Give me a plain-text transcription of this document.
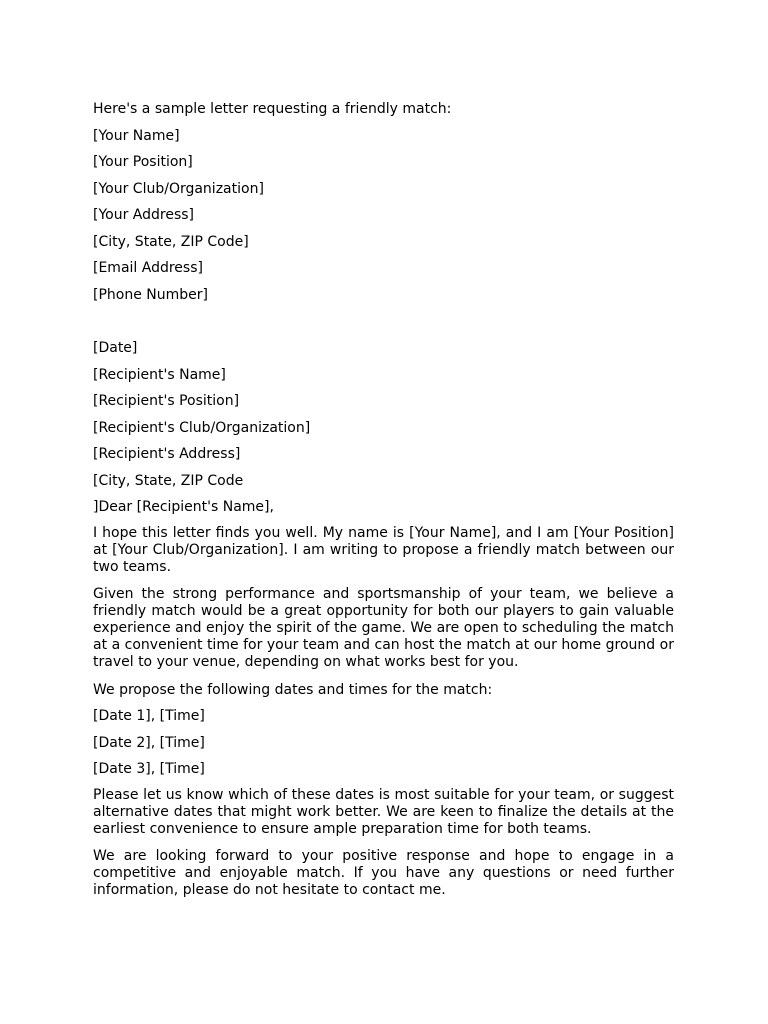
Here's a sample letter requesting a friendly match:

[Your Name]

[Your Position]

[Your Club/Organization]

[Your Address]

[City, State, ZIP Code]

[Email Address]

[Phone Number]

[Date]

[Recipient's Name]

[Recipient's Position]

[Recipient's Club/Organization]

[Recipient's Address]

[City, State, ZIP Code

]Dear [Recipient's Name],

I hope this letter finds you well. My name is [Your Name], and I am [Your Position] at [Your Club/Organization]. I am writing to propose a friendly match between our two teams.

Given the strong performance and sportsmanship of your team, we believe a friendly match would be a great opportunity for both our players to gain valuable experience and enjoy the spirit of the game. We are open to scheduling the match at a convenient time for your team and can host the match at our home ground or travel to your venue, depending on what works best for you.

We propose the following dates and times for the match:

[Date 1], [Time]

[Date 2], [Time]

[Date 3], [Time]

Please let us know which of these dates is most suitable for your team, or suggest alternative dates that might work better. We are keen to finalize the details at the earliest convenience to ensure ample preparation time for both teams.

We are looking forward to your positive response and hope to engage in a competitive and enjoyable match. If you have any questions or need further information, please do not hesitate to contact me.
